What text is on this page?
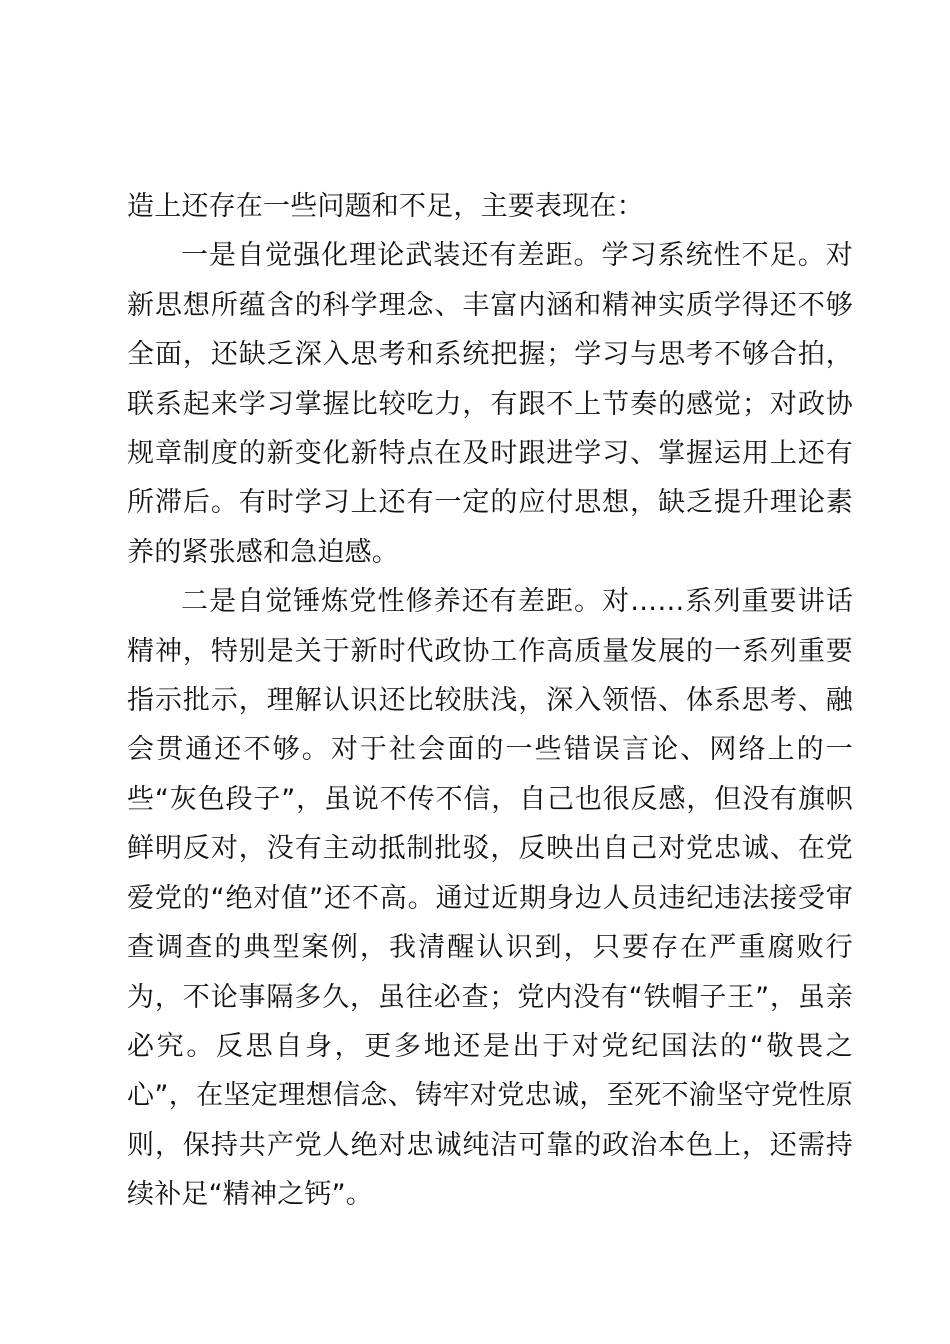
造上还存在一些问题和不足，主要表现在：

一是自觉强化理论武装还有差距。学习系统性不足。对新思想所蕴含的科学理念、丰富内涵和精神实质学得还不够全面，还缺乏深入思考和系统把握；学习与思考不够合拍，联系起来学习掌握比较吃力，有跟不上节奏的感觉；对政协规章制度的新变化新特点在及时跟进学习、掌握运用上还有所滞后。有时学习上还有一定的应付思想，缺乏提升理论素养的紧张感和急迫感。

二是自觉锤炼党性修养还有差距。对……系列重要讲话精神，特别是关于新时代政协工作高质量发展的一系列重要指示批示，理解认识还比较肤浅，深入领悟、体系思考、融会贯通还不够。对于社会面的一些错误言论、网络上的一些“灰色段子”，虽说不传不信，自己也很反感，但没有旗帜鲜明反对，没有主动抵制批驳，反映出自己对党忠诚、在党爱党的“绝对值”还不高。通过近期身边人员违纪违法接受审查调查的典型案例，我清醒认识到，只要存在严重腐败行为，不论事隔多久，虽往必查；党内没有“铁帽子王”，虽亲必究。反思自身，更多地还是出于对党纪国法的“敬畏之心”，在坚定理想信念、铸牢对党忠诚，至死不渝坚守党性原则，保持共产党人绝对忠诚纯洁可靠的政治本色上，还需持续补足“精神之钙”。
